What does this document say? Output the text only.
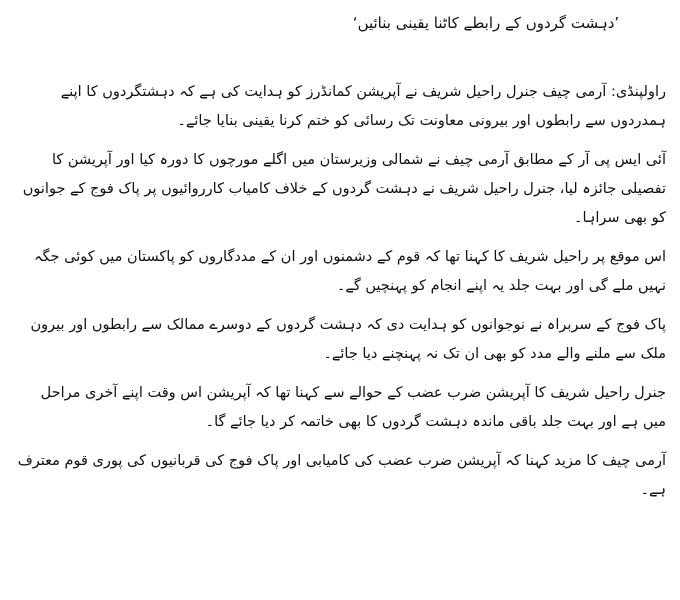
’دہشت گردوں کے رابطے کاٹنا یقینی بنائیں‘

راولپنڈی: آرمی چیف جنرل راحیل شریف نے آپریشن کمانڈرز کو ہدایت کی ہے کہ دہشتگردوں کا اپنے ہمدردوں سے رابطوں اور بیرونی معاونت تک رسائی کو ختم کرنا یقینی بنایا جائے۔

آئی ایس پی آر کے مطابق آرمی چیف نے شمالی وزیرستان میں اگلے مورچوں کا دورہ کیا اور آپریشن کا تفصیلی جائزہ لیا، جنرل راحیل شریف نے دہشت گردوں کے خلاف کامیاب کارروائیوں پر پاک فوج کے جوانوں کو بھی سراہا۔

اس موقع پر راحیل شریف کا کہنا تھا کہ قوم کے دشمنوں اور ان کے مددگاروں کو پاکستان میں کوئی جگہ نہیں ملے گی اور بہت جلد یہ اپنے انجام کو پہنچیں گے۔

پاک فوج کے سربراہ نے نوجوانوں کو ہدایت دی کہ دہشت گردوں کے دوسرے ممالک سے رابطوں اور بیرون ملک سے ملنے والے مدد کو بھی ان تک نہ پہنچنے دیا جائے۔

جنرل راحیل شریف کا آپریشن ضرب عضب کے حوالے سے کہنا تھا کہ آپریشن اس وقت اپنے آخری مراحل میں ہے اور بہت جلد باقی ماندہ دہشت گردوں کا بھی خاتمہ کر دیا جائے گا۔

آرمی چیف کا مزید کہنا کہ آپریشن ضرب عضب کی کامیابی اور پاک فوج کی قربانیوں کی پوری قوم معترف ہے۔
